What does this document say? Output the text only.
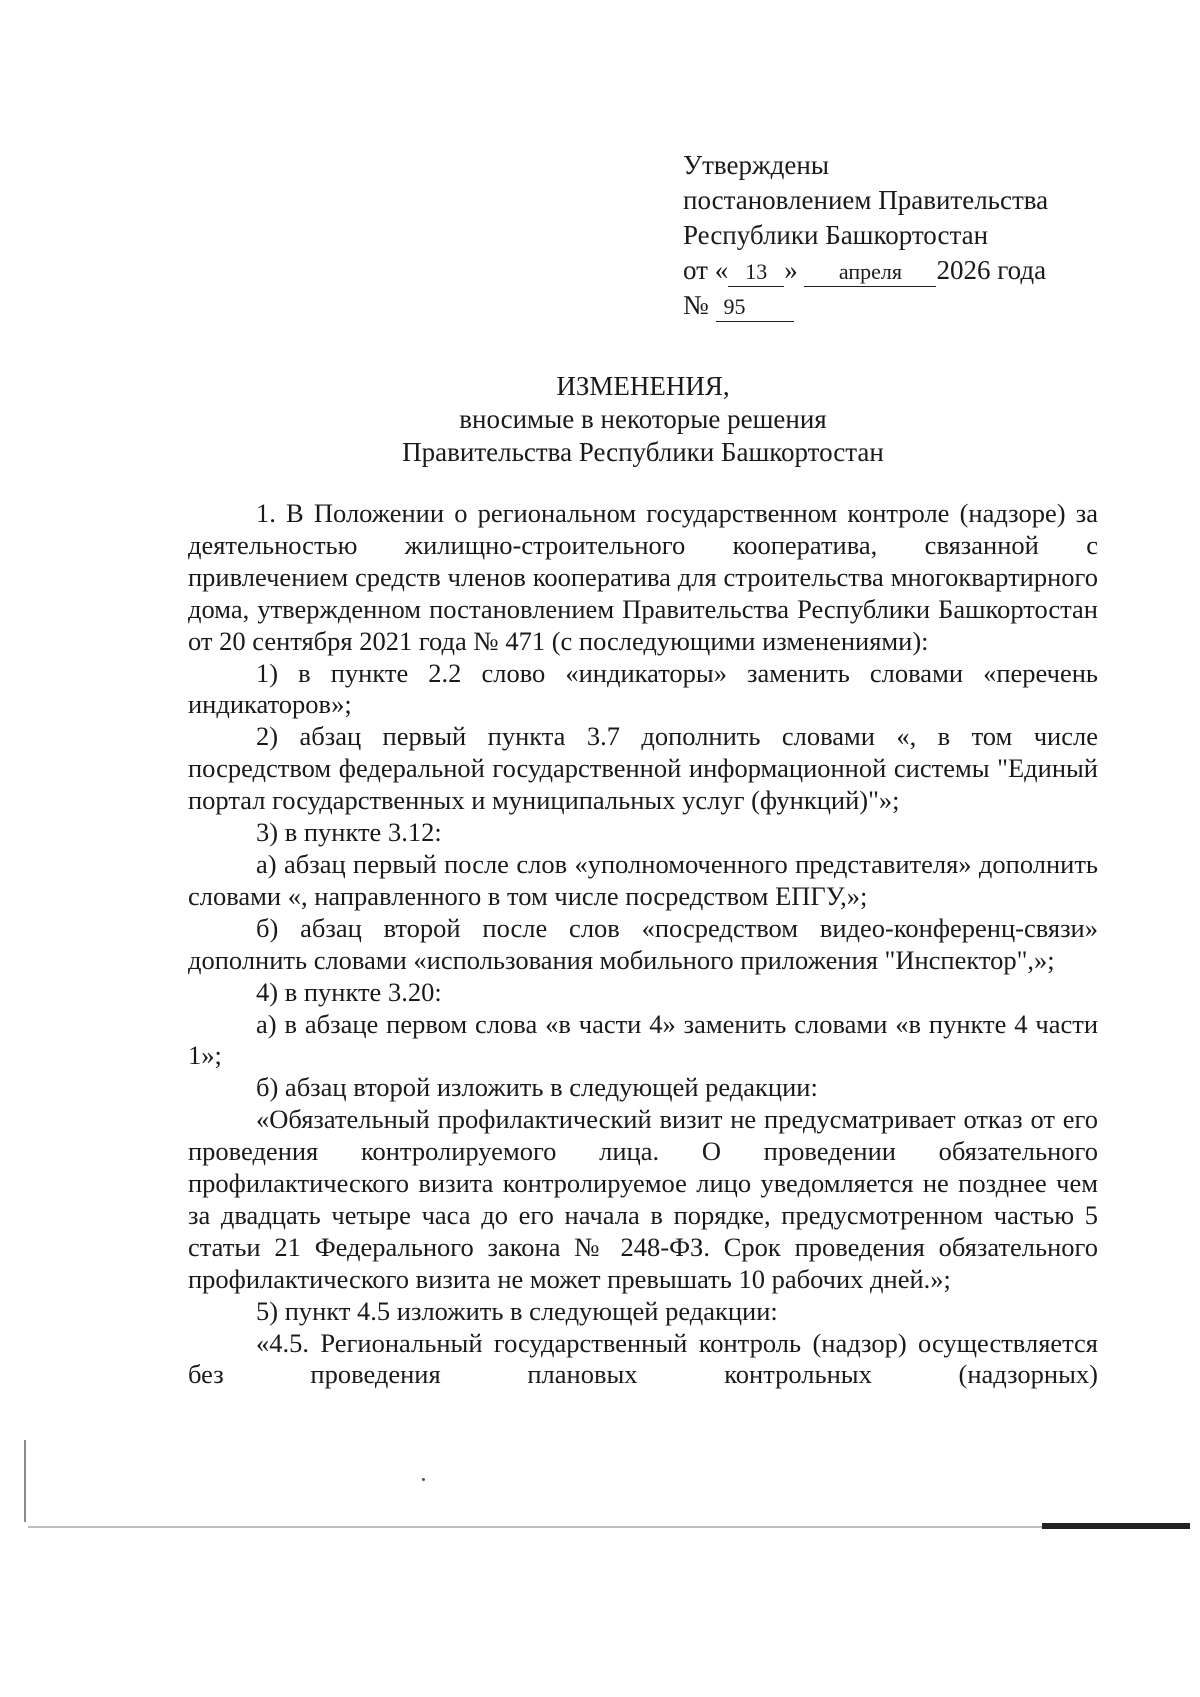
Утверждены
постановлением Правительства
Республики Башкортостан
от « 13 » апреля 2026 года
№ 95
ИЗМЕНЕНИЯ,
вносимые в некоторые решения
Правительства Республики Башкортостан

1. В Положении о региональном государственном контроле (надзоре) за деятельностью жилищно-строительного кооператива, связанной с привлечением средств членов кооператива для строительства многоквартирного дома, утвержденном постановлением Правительства Республики Башкортостан от 20 сентября 2021 года № 471 (с последующими изменениями):

1) в пункте 2.2 слово «индикаторы» заменить словами «перечень индикаторов»;

2) абзац первый пункта 3.7 дополнить словами «, в том числе посредством федеральной государственной информационной системы "Единый портал государственных и муниципальных услуг (функций)"»;

3) в пункте 3.12:

а) абзац первый после слов «уполномоченного представителя» дополнить словами «, направленного в том числе посредством ЕПГУ,»;

б) абзац второй после слов «посредством видео-конференц-связи» дополнить словами «использования мобильного приложения "Инспектор",»;

4) в пункте 3.20:

а) в абзаце первом слова «в части 4» заменить словами «в пункте 4 части 1»;

б) абзац второй изложить в следующей редакции:

«Обязательный профилактический визит не предусматривает отказ от его проведения контролируемого лица. О проведении обязательного профилактического визита контролируемое лицо уведомляется не позднее чем за двадцать четыре часа до его начала в порядке, предусмотренном частью 5 статьи 21 Федерального закона № 248-ФЗ. Срок проведения обязательного профилактического визита не может превышать 10 рабочих дней.»;

5) пункт 4.5 изложить в следующей редакции:

«4.5. Региональный государственный контроль (надзор) осуществляется без проведения плановых контрольных (надзорных)
